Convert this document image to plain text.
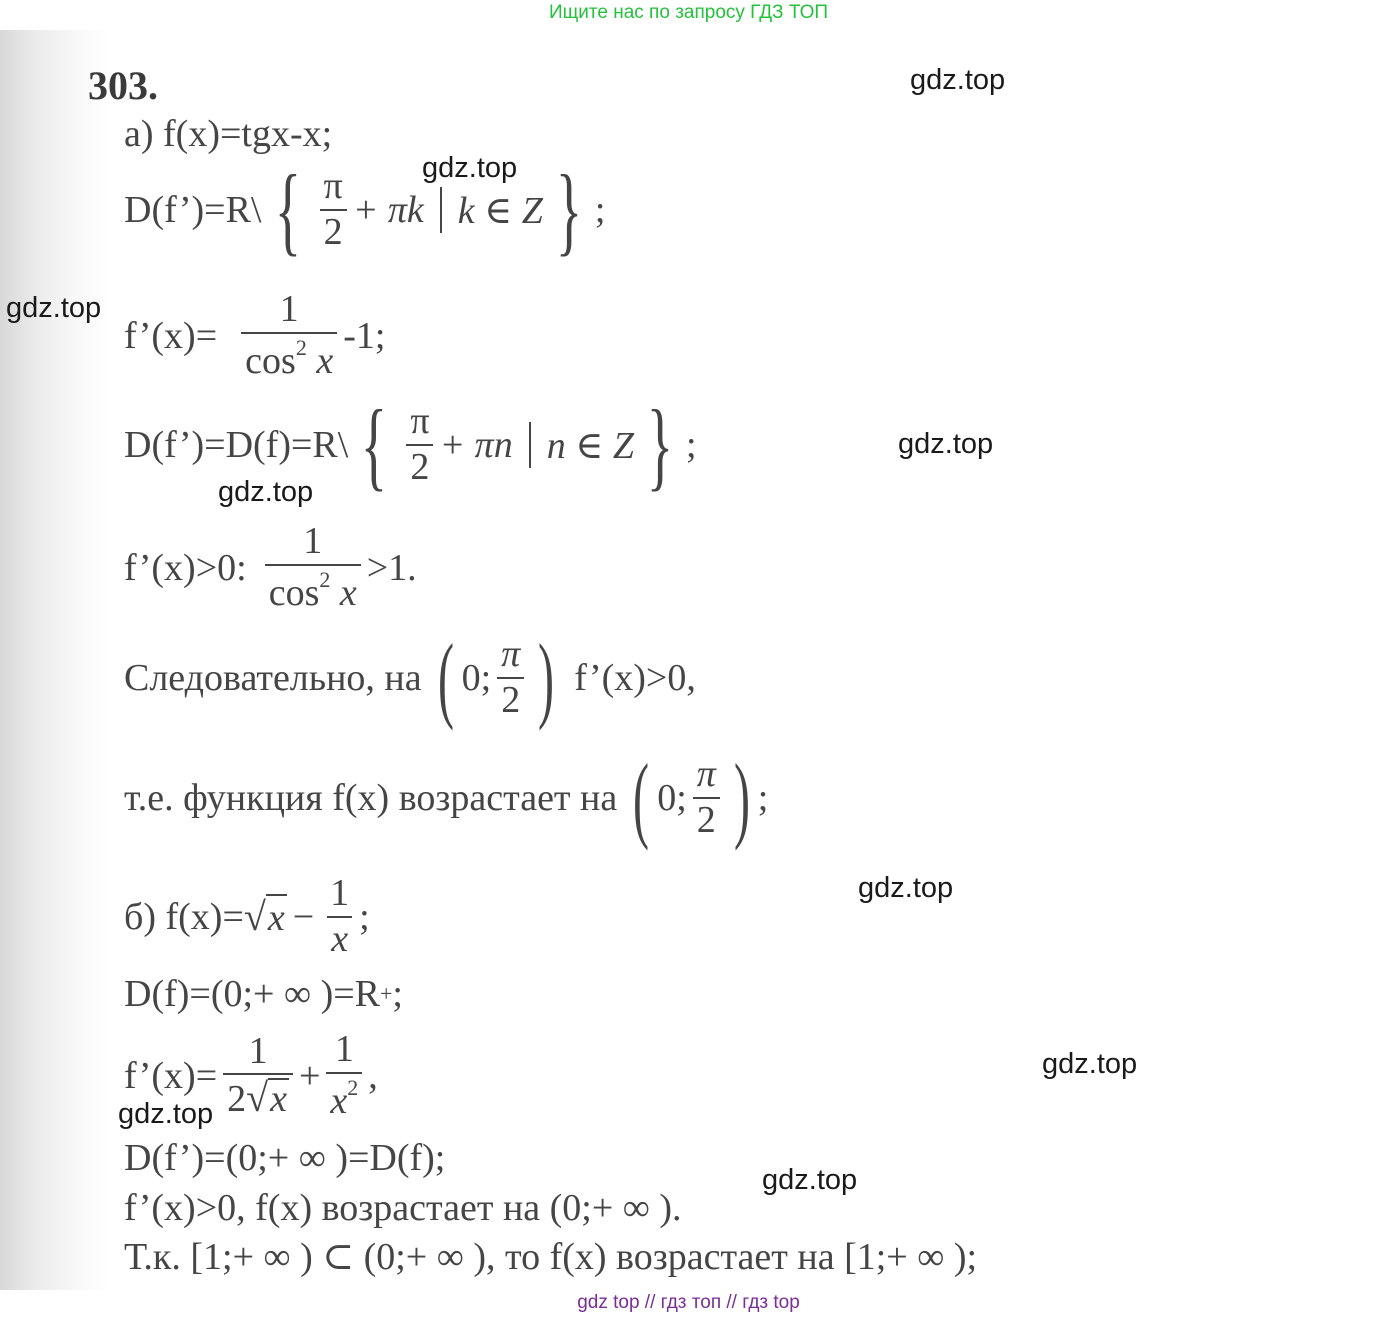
Ищите нас по запросу ГДЗ ТОП
303.
а) f(x)=tgx-x;
D(f’)=R\ { $\frac{\pi}{2} + \pi k$ k ∈ Z } ;
f’(x)= $\frac{1}{\cos^2 x} -1$;
D(f’)=D(f)=R\ { $\frac{\pi}{2} + \pi n$ n ∈ Z } ;
f’(x)>0: $\frac{1}{\cos^2 x} >1$.
Следовательно, на ( 0; $\frac{\pi}{2}$ ) f’(x)>0,
т.е. функция f(x) возрастает на ( 0; $\frac{\pi}{2}$ ) ;
б) f(x)= √ $x - \frac{1}{x}$ ;
D(f)=(0;+ ∞ )=R + ;
f’(x)= $\frac{1}{2 √ x} + \frac{1}{x^2}$ ,
D(f’)=(0;+ ∞ )=D(f);
f’(x)>0, f(x) возрастает на (0;+ ∞ ).
Т.к. [1;+ ∞ ) ⊂ (0;+ ∞ ), то f(x) возрастает на [1;+ ∞ );
gdz.top
gdz.top
gdz.top
gdz.top
gdz.top
gdz.top
gdz.top
gdz.top
gdz.top
gdz top // гдз топ // гдз top
